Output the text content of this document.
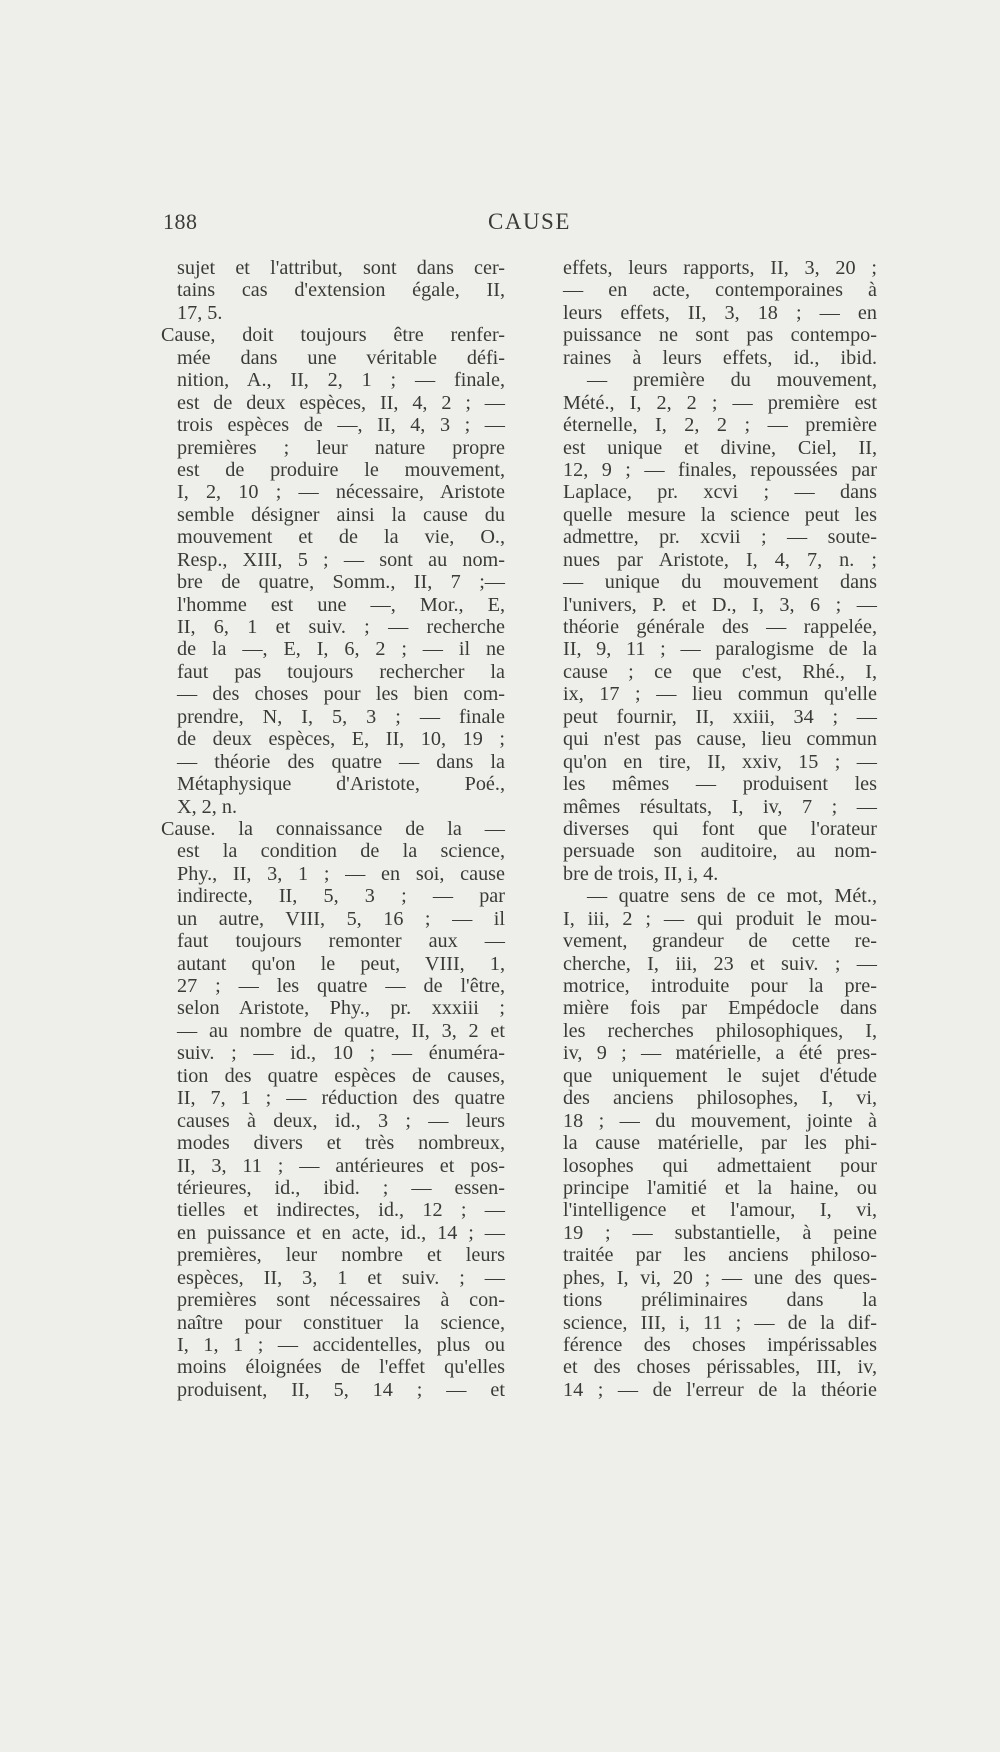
188	CAUSE
sujet et l'attribut, sont dans cer-
tains cas d'extension égale, II,
17, 5.
Cause, doit toujours être renfer-
mée dans une véritable défi-
nition, A., II, 2, 1 ; — finale,
est de deux espèces, II, 4, 2 ; —
trois espèces de —, II, 4, 3 ; —
premières ; leur nature propre
est de produire le mouvement,
I, 2, 10 ; — nécessaire, Aristote
semble désigner ainsi la cause du
mouvement et de la vie, O.,
Resp., XIII, 5 ; — sont au nom-
bre de quatre, Somm., II, 7 ;—
l'homme est une —, Mor., E,
II, 6, 1 et suiv. ; — recherche
de la —, E, I, 6, 2 ; — il ne
faut pas toujours rechercher la
— des choses pour les bien com-
prendre, N, I, 5, 3 ; — finale
de deux espèces, E, II, 10, 19 ;
— théorie des quatre — dans la
Métaphysique d'Aristote, Poé.,
X, 2, n.
Cause. la connaissance de la —
est la condition de la science,
Phy., II, 3, 1 ; — en soi, cause
indirecte, II, 5, 3 ; — par
un autre, VIII, 5, 16 ; — il
faut toujours remonter aux —
autant qu'on le peut, VIII, 1,
27 ; — les quatre — de l'être,
selon Aristote, Phy., pr. xxxiii ;
— au nombre de quatre, II, 3, 2 et
suiv. ; — id., 10 ; — énuméra-
tion des quatre espèces de causes,
II, 7, 1 ; — réduction des quatre
causes à deux, id., 3 ; — leurs
modes divers et très nombreux,
II, 3, 11 ; — antérieures et pos-
térieures, id., ibid. ; — essen-
tielles et indirectes, id., 12 ; —
en puissance et en acte, id., 14 ; —
premières, leur nombre et leurs
espèces, II, 3, 1 et suiv. ; —
premières sont nécessaires à con-
naître pour constituer la science,
I, 1, 1 ; — accidentelles, plus ou
moins éloignées de l'effet qu'elles
produisent, II, 5, 14 ; — et
effets, leurs rapports, II, 3, 20 ;
— en acte, contemporaines à
leurs effets, II, 3, 18 ; — en
puissance ne sont pas contempo-
raines à leurs effets, id., ibid.
— première du mouvement,
Mété., I, 2, 2 ; — première est
éternelle, I, 2, 2 ; — première
est unique et divine, Ciel, II,
12, 9 ; — finales, repoussées par
Laplace, pr. xcvi ; — dans
quelle mesure la science peut les
admettre, pr. xcvii ; — soute-
nues par Aristote, I, 4, 7, n. ;
— unique du mouvement dans
l'univers, P. et D., I, 3, 6 ; —
théorie générale des — rappelée,
II, 9, 11 ; — paralogisme de la
cause ; ce que c'est, Rhé., I,
ix, 17 ; — lieu commun qu'elle
peut fournir, II, xxiii, 34 ; —
qui n'est pas cause, lieu commun
qu'on en tire, II, xxiv, 15 ; —
les mêmes — produisent les
mêmes résultats, I, iv, 7 ; —
diverses qui font que l'orateur
persuade son auditoire, au nom-
bre de trois, II, i, 4.
— quatre sens de ce mot, Mét.,
I, iii, 2 ; — qui produit le mou-
vement, grandeur de cette re-
cherche, I, iii, 23 et suiv. ; —
motrice, introduite pour la pre-
mière fois par Empédocle dans
les recherches philosophiques, I,
iv, 9 ; — matérielle, a été pres-
que uniquement le sujet d'étude
des anciens philosophes, I, vi,
18 ; — du mouvement, jointe à
la cause matérielle, par les phi-
losophes qui admettaient pour
principe l'amitié et la haine, ou
l'intelligence et l'amour, I, vi,
19 ; — substantielle, à peine
traitée par les anciens philoso-
phes, I, vi, 20 ; — une des ques-
tions préliminaires dans la
science, III, i, 11 ; — de la dif-
férence des choses impérissables
et des choses périssables, III, iv,
14 ; — de l'erreur de la théorie
